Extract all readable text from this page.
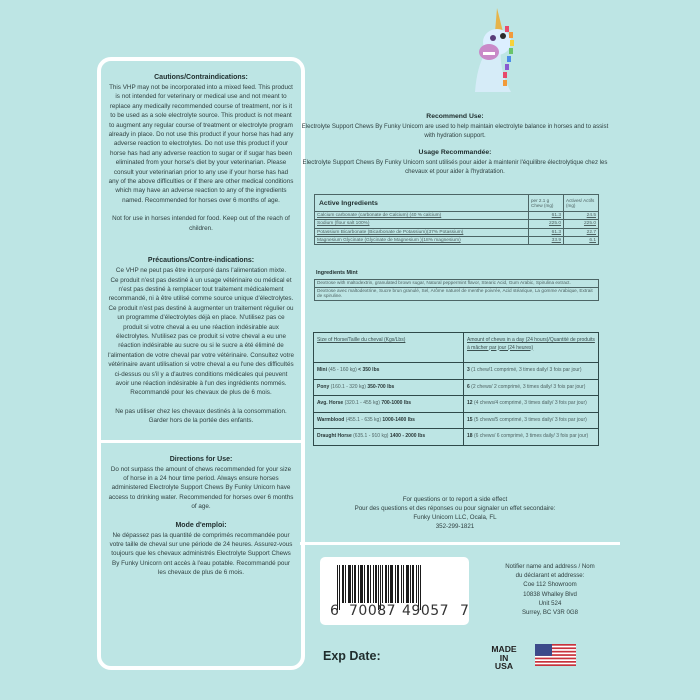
Cautions/Contraindications:

This VHP may not be incorporated into a mixed feed. This product is not intended for veterinary or medical use and not meant to replace any medically recommended course of treatment, nor is it to be used as a sole electrolyte source. This product is not meant to augment any regular course of treatment or electrolyte program already in place. Do not use this product if your horse has had any adverse reaction to electrolytes. Do not use this product if your horse has had any adverse reaction to sugar or if sugar has been eliminated from your horse's diet by your veterinarian. Please consult your veterinarian prior to any use if your horse has had any of the above difficulties or if there are other medical conditions which may have an adverse reaction to any of the ingredients named. Recommended for horses over 6 months of age.

Not for use in horses intended for food. Keep out of the reach of children.

Précautions/Contre-indications:
Ce VHP ne peut pas être incorporé dans l'alimentation mixte.

Ce produit n'est pas destiné à un usage vétérinaire ou médical et n'est pas destiné à remplacer tout traitement médicalement recommandé, ni à être utilisé comme source unique d'électrolytes. Ce produit n'est pas destiné à augmenter un traitement régulier ou un programme d'électrolytes déjà en place. N'utilisez pas ce produit si votre cheval a eu une réaction indésirable aux électrolytes. N'utilisez pas ce produit si votre cheval a eu une réaction indésirable au sucre ou si le sucre a été éliminé de l'alimentation de votre cheval par votre vétérinaire. Consultez votre vétérinaire avant utilisation si votre cheval a eu l'une des difficultés ci-dessus ou s'il y a d'autres conditions médicales qui peuvent avoir une réaction indésirable à l'un des ingrédients nommés. Recommandé pour les chevaux de plus de 6 mois.

Ne pas utiliser chez les chevaux destinés à la consommation. Garder hors de la portée des enfants.

Directions for Use:

Do not surpass the amount of chews recommended for your size of horse in a 24 hour time period. Always ensure horses administered Electrolyte Support Chews By Funky Unicorn have access to drinking water. Recommended for horses over 6 months of age.

Mode d'emploi:

Ne dépassez pas la quantité de comprimés recommandée pour votre taille de cheval sur une période de 24 heures. Assurez-vous toujours que les chevaux administrés Electrolyte Support Chews By Funky Unicorn ont accès à l'eau potable. Recommandé pour les chevaux de plus de 6 mois.

Recommend Use:

Electrolyte Support Chews By Funky Unicorn are used to help maintain electrolyte balance in horses and to assist with hydration support.

Usage Recommandée:

Electrolyte Support Chews By Funky Unicorn sont utilisés pour aider à maintenir l'équilibre électrolytique chez les chevaux et pour aider à l'hydratation.

Active Ingredients	per 2.1 g Chew (mg)	Actives/ Actifs (mg)
Calcium carbonate (carbonate de Calcium) (40 % calcium)	61.3	24.5
Sodium (flour salt 100%)	225.0	225.0
Potassium Bicarbonate (Bicarbonate de Potassium)(37% Potassium)	61.3	22.7
Magnesium Glycinate (Glycinate de Magnesium )(18% magnesium)	33.9	6.1
Ingredients Mint
Dextrose with maltodextrin, granulated brown sugar, Natural peppermint flavor, Stearic Acid, Gum Arabic, Spirulina extract.
Dextrose avec maltodextrine, Sucre brun granulé, Sel, Arôme naturel de menthe poivrée, Acid stéarique, La gomme Arabique, Extrait de spiruline.
Size of Horse/Taille du cheval (Kgs/Lbs)	Amount of chews in a day (24 hours)/Quantité de produits à mâcher par jour (24 heures)
Mini (45 - 160 kg) < 350 lbs	3 (1 chew/1 comprimé, 3 times daily/ 3 fois par jour)
Pony (160.1 - 320 kg) 350-700 lbs	6 (2 chews/ 2 comprimé, 3 times daily/ 3 fois par jour)
Avg. Horse (320.1 - 455 kg) 700-1000 lbs	12 (4 chews/4 comprimé, 3 times daily/ 3 fois par jour)
Warmblood (455.1 - 635 kg) 1000-1400 lbs	15 (5 chews/5 comprimé, 3 times daily/ 3 fois par jour)
Draught Horse (635.1 - 910 kg) 1400 - 2000 lbs	18 (6 chews/ 6 comprimé, 3 times daily/ 3 fois par jour)
For questions or to report a side effect
Pour des questions et des réponses ou pour signaler un effet secondaire:
Funky Unicorn LLC, Ocala, FL
352-299-1821
6 70087 49057 7
Notifier name and address / Nom
du déclarant et addresse:
Coe 112 Showroom
10838 Whalley Blvd
Unit 524
Surrey, BC V3R 0G8
Exp Date:	MADE
IN
USA
